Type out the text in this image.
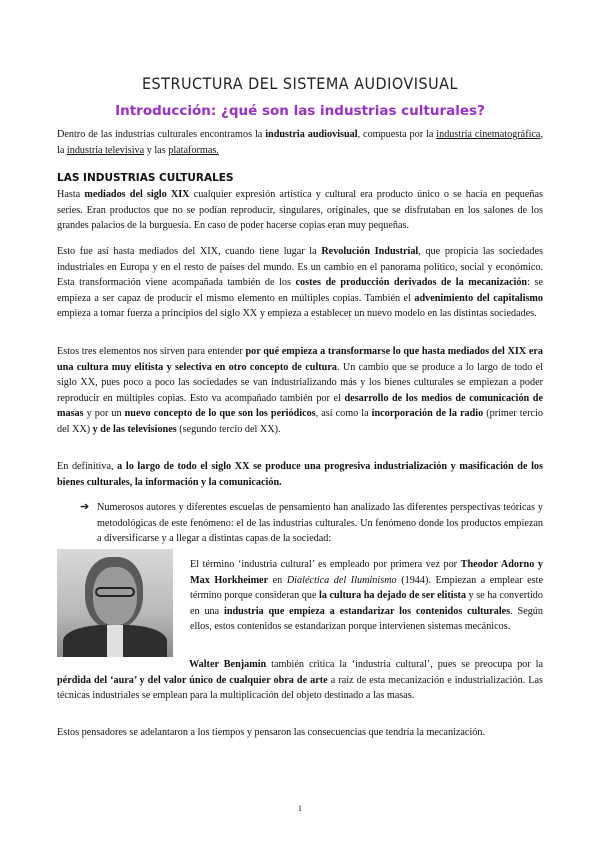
ESTRUCTURA DEL SISTEMA AUDIOVISUAL
Introducción: ¿qué son las industrias culturales?

Dentro de las industrias culturales encontramos la industria audiovisual, compuesta por la industria cinematográfica, la industria televisiva y las plataformas.

LAS INDUSTRIAS CULTURALES

Hasta mediados del siglo XIX cualquier expresión artística y cultural era producto único o se hacía en pequeñas series. Eran productos que no se podían reproducir, singulares, originales, que se disfrutaban en los salones de los grandes palacios de la burguesía. En caso de poder hacerse copias eran muy pequeñas.

Esto fue así hasta mediados del XIX, cuando tiene lugar la Revolución Industrial, que propicia las sociedades industriales en Europa y en el resto de países del mundo. Es un cambio en el panorama político, social y económico. Esta transformación viene acompañada también de los costes de producción derivados de la mecanización: se empieza a ser capaz de producir el mismo elemento en múltiples copias. También el advenimiento del capitalismo empieza a tomar fuerza a principios del siglo XX y empieza a establecer un nuevo modelo en las distintas sociedades.

Estos tres elementos nos sirven para entender por qué empieza a transformarse lo que hasta mediados del XIX era una cultura muy elitista y selectiva en otro concepto de cultura. Un cambio que se produce a lo largo de todo el siglo XX, pues poco a poco las sociedades se van industrializando más y los bienes culturales se empiezan a poder reproducir en múltiples copias. Esto va acompañado también por el desarrollo de los medios de comunicación de masas y por un nuevo concepto de lo que son los periódicos, así como la incorporación de la radio (primer tercio del XX) y de las televisiones (segundo tercio del XX).

En definitiva, a lo largo de todo el siglo XX se produce una progresiva industrialización y masificación de los bienes culturales, la información y la comunicación.

➔ Numerosos autores y diferentes escuelas de pensamiento han analizado las diferentes perspectivas teóricas y metodológicas de este fenómeno: el de las industrias culturales. Un fenómeno donde los productos empiezan a diversificarse y a llegar a distintas capas de la sociedad:

El término ‘industria cultural’ es empleado por primera vez por Theodor Adorno y Max Horkheimer en Dialéctica del Iluminismo (1944). Empiezan a emplear este término porque consideran que la cultura ha dejado de ser elitista y se ha convertido en una industria que empieza a estandarizar los contenidos culturales. Según ellos, estos contenidos se estandarizan porque intervienen sistemas mecánicos.

Walter Benjamin también critica la ‘industria cultural’, pues se preocupa por la pérdida del ‘aura’ y del valor único de cualquier obra de arte a raíz de esta mecanización e industrialización. Las técnicas industriales se emplean para la multiplicación del objeto destinado a las masas.

Estos pensadores se adelantaron a los tiempos y pensaron las consecuencias que tendría la mecanización.

1
